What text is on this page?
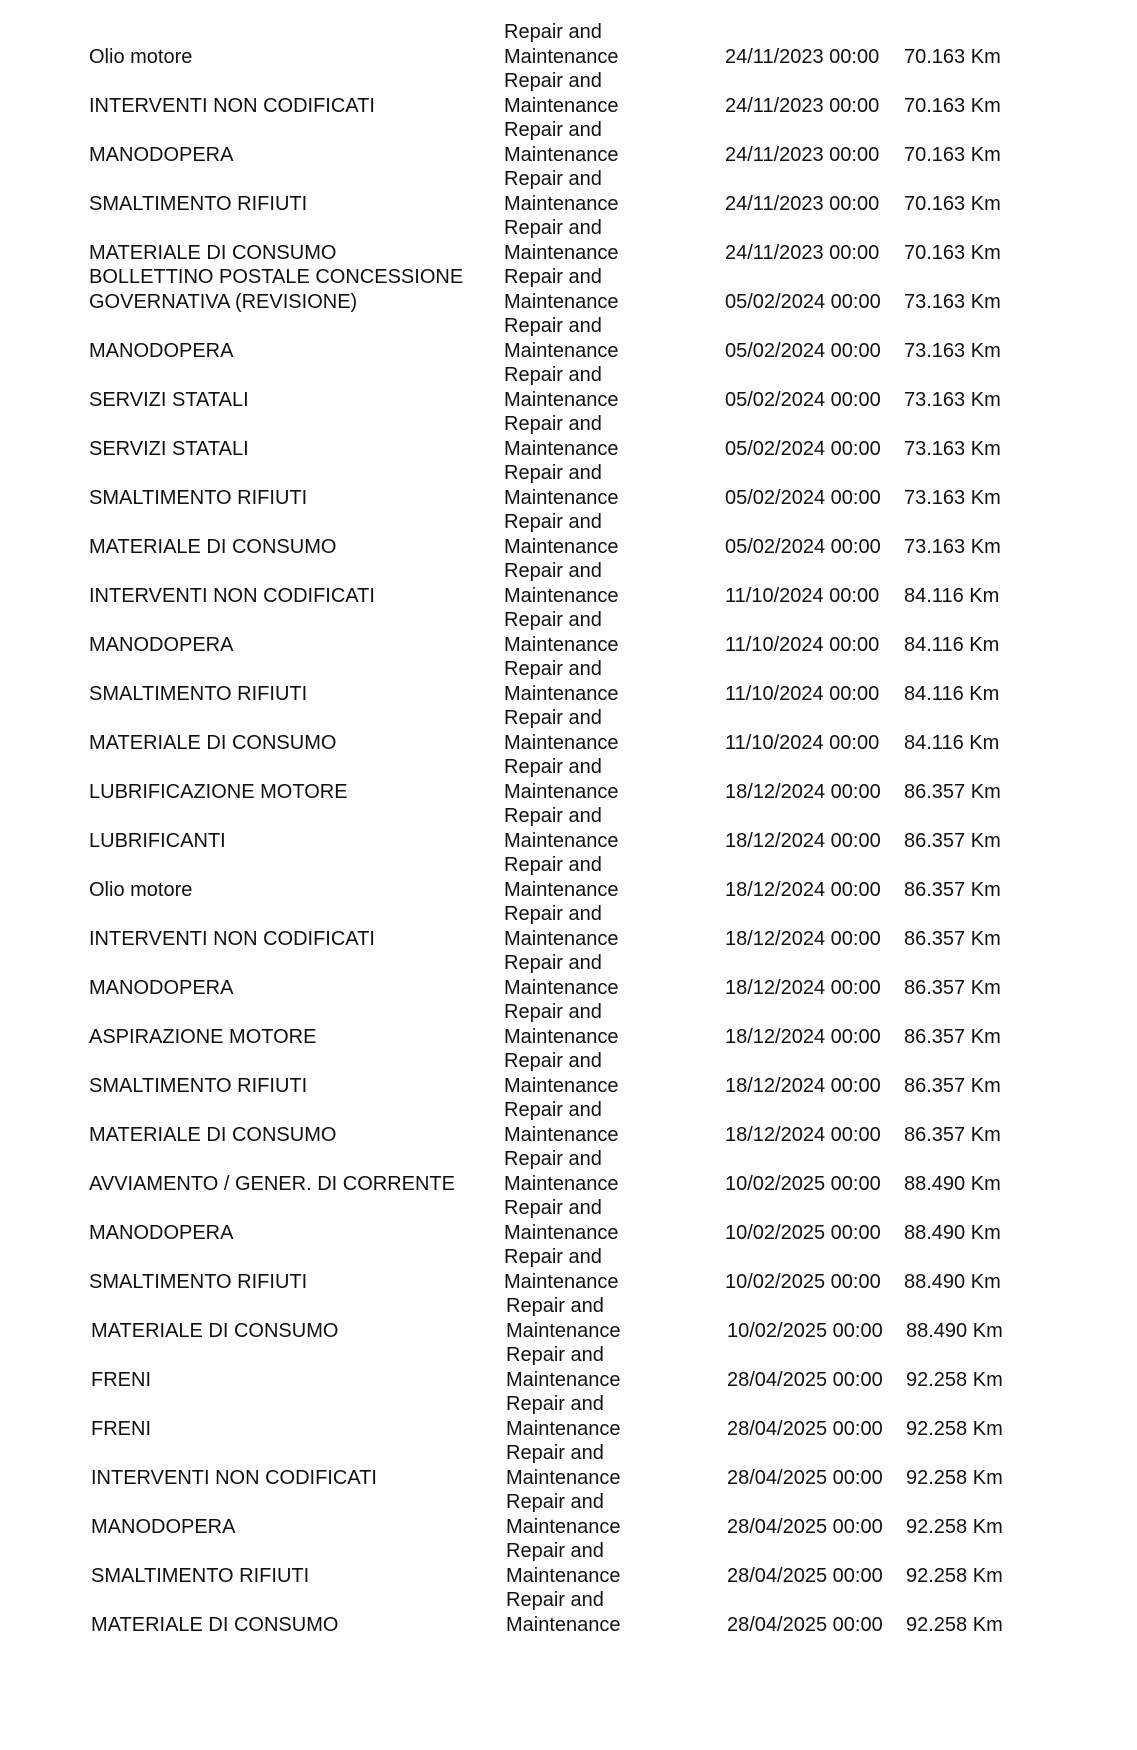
Olio motore
Repair and
Maintenance	24/11/2023 00:00 70.163 Km
INTERVENTI NON CODIFICATI
Repair and
Maintenance	24/11/2023 00:00 70.163 Km
MANODOPERA
Repair and
Maintenance	24/11/2023 00:00 70.163 Km
SMALTIMENTO RIFIUTI
Repair and
Maintenance	24/11/2023 00:00 70.163 Km
MATERIALE DI CONSUMO
Repair and
Maintenance	24/11/2023 00:00 70.163 Km
BOLLETTINO POSTALE CONCESSIONE
GOVERNATIVA (REVISIONE)
Repair and
Maintenance	05/02/2024 00:00 73.163 Km
MANODOPERA
Repair and
Maintenance	05/02/2024 00:00 73.163 Km
SERVIZI STATALI
Repair and
Maintenance	05/02/2024 00:00 73.163 Km
SERVIZI STATALI
Repair and
Maintenance	05/02/2024 00:00 73.163 Km
SMALTIMENTO RIFIUTI
Repair and
Maintenance	05/02/2024 00:00 73.163 Km
MATERIALE DI CONSUMO
Repair and
Maintenance	05/02/2024 00:00 73.163 Km
INTERVENTI NON CODIFICATI
Repair and
Maintenance	11/10/2024 00:00 84.116 Km
MANODOPERA
Repair and
Maintenance	11/10/2024 00:00 84.116 Km
SMALTIMENTO RIFIUTI
Repair and
Maintenance	11/10/2024 00:00 84.116 Km
MATERIALE DI CONSUMO
Repair and
Maintenance	11/10/2024 00:00 84.116 Km
LUBRIFICAZIONE MOTORE
Repair and
Maintenance	18/12/2024 00:00 86.357 Km
LUBRIFICANTI
Repair and
Maintenance	18/12/2024 00:00 86.357 Km
Olio motore
Repair and
Maintenance	18/12/2024 00:00 86.357 Km
INTERVENTI NON CODIFICATI
Repair and
Maintenance	18/12/2024 00:00 86.357 Km
MANODOPERA
Repair and
Maintenance	18/12/2024 00:00 86.357 Km
ASPIRAZIONE MOTORE
Repair and
Maintenance	18/12/2024 00:00 86.357 Km
SMALTIMENTO RIFIUTI
Repair and
Maintenance	18/12/2024 00:00 86.357 Km
MATERIALE DI CONSUMO
Repair and
Maintenance	18/12/2024 00:00 86.357 Km
AVVIAMENTO / GENER. DI CORRENTE
Repair and
Maintenance	10/02/2025 00:00 88.490 Km
MANODOPERA
Repair and
Maintenance	10/02/2025 00:00 88.490 Km
SMALTIMENTO RIFIUTI
Repair and
Maintenance	10/02/2025 00:00 88.490 Km
MATERIALE DI CONSUMO
Repair and
Maintenance	10/02/2025 00:00 88.490 Km
FRENI
Repair and
Maintenance	28/04/2025 00:00 92.258 Km
FRENI
Repair and
Maintenance	28/04/2025 00:00 92.258 Km
INTERVENTI NON CODIFICATI
Repair and
Maintenance	28/04/2025 00:00 92.258 Km
MANODOPERA
Repair and
Maintenance	28/04/2025 00:00 92.258 Km
SMALTIMENTO RIFIUTI
Repair and
Maintenance	28/04/2025 00:00 92.258 Km
MATERIALE DI CONSUMO
Repair and
Maintenance	28/04/2025 00:00 92.258 Km
